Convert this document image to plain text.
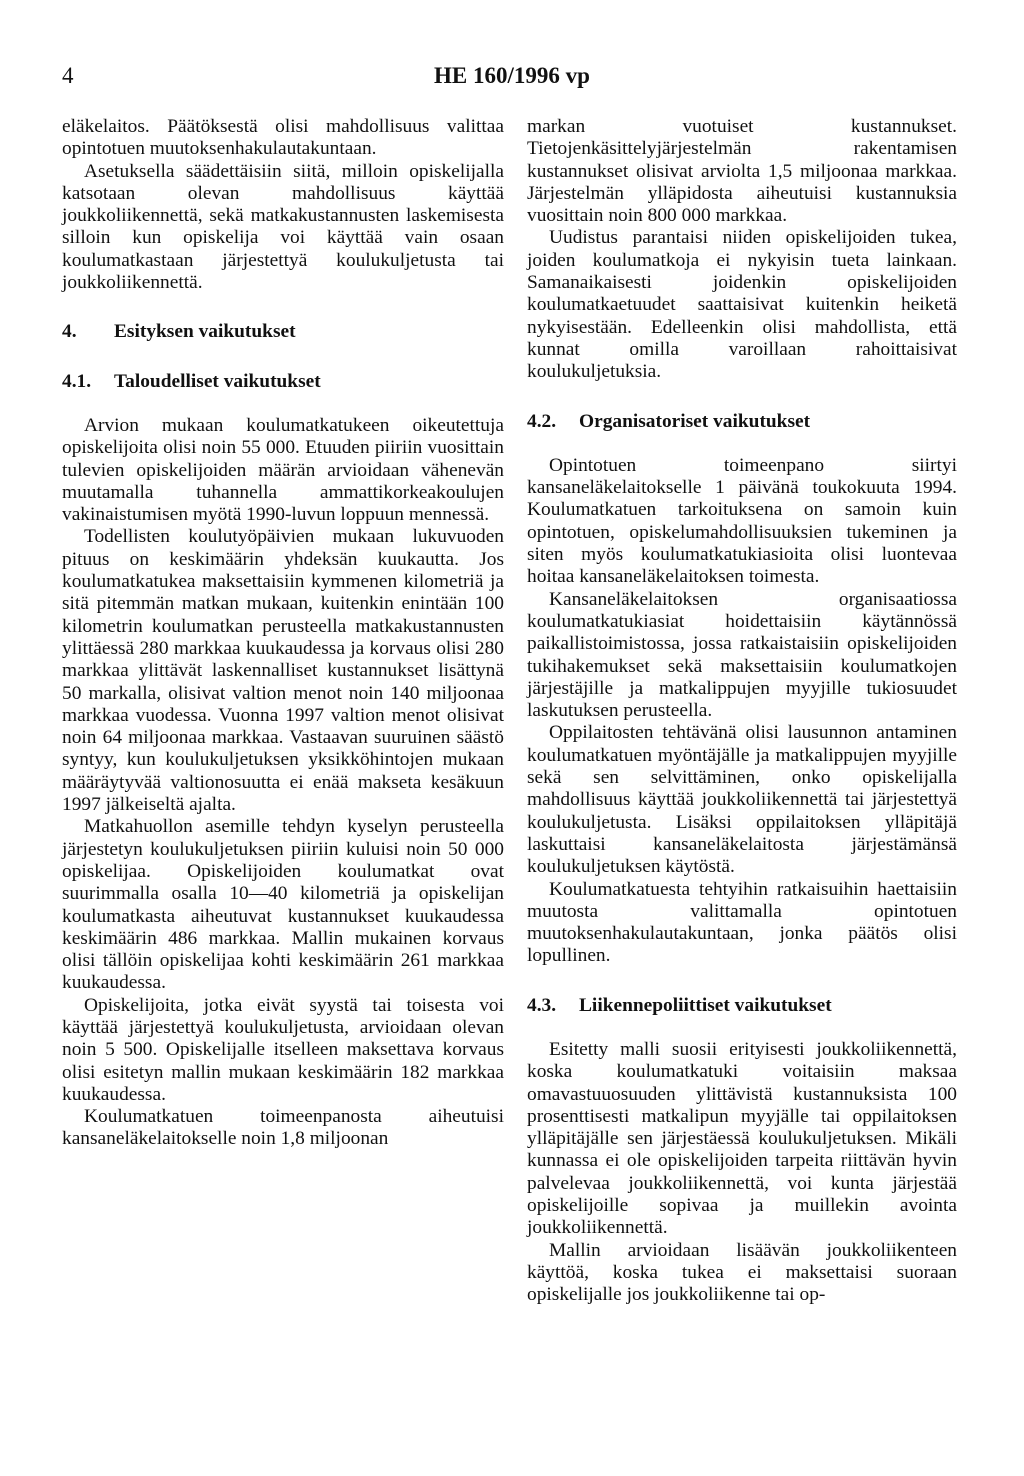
4	HE 160/1996 vp

eläkelaitos. Päätöksestä olisi mahdollisuus valittaa opintotuen muutoksenhakulautakuntaan.

Asetuksella säädettäisiin siitä, milloin opiskelijalla katsotaan olevan mahdollisuus käyttää joukkoliikennettä, sekä matkakustannusten laskemisesta silloin kun opiskelija voi käyttää vain osaan koulumatkastaan järjestettyä koulukuljetusta tai joukkoliikennettä.

4. Esityksen vaikutukset
4.1. Taloudelliset vaikutukset

Arvion mukaan koulumatkatukeen oikeutettuja opiskelijoita olisi noin 55 000. Etuuden piiriin vuosittain tulevien opiskelijoiden määrän arvioidaan vähenevän muutamalla tuhannella ammattikorkeakoulujen vakinaistumisen myötä 1990-luvun loppuun mennessä.

Todellisten koulutyöpäivien mukaan lukuvuoden pituus on keskimäärin yhdeksän kuukautta. Jos koulumatkatukea maksettaisiin kymmenen kilometriä ja sitä pitemmän matkan mukaan, kuitenkin enintään 100 kilometrin koulumatkan perusteella matkakustannusten ylittäessä 280 markkaa kuukaudessa ja korvaus olisi 280 markkaa ylittävät laskennalliset kustannukset lisättynä 50 markalla, olisivat valtion menot noin 140 miljoonaa markkaa vuodessa. Vuonna 1997 valtion menot olisivat noin 64 miljoonaa markkaa. Vastaavan suuruinen säästö syntyy, kun koulukuljetuksen yksikköhintojen mukaan määräytyvää valtionosuutta ei enää makseta kesäkuun 1997 jälkeiseltä ajalta.

Matkahuollon asemille tehdyn kyselyn perusteella järjestetyn koulukuljetuksen piiriin kuluisi noin 50 000 opiskelijaa. Opiskelijoiden koulumatkat ovat suurimmalla osalla 10—40 kilometriä ja opiskelijan koulumatkasta aiheutuvat kustannukset kuukaudessa keskimäärin 486 markkaa. Mallin mukainen korvaus olisi tällöin opiskelijaa kohti keskimäärin 261 markkaa kuukaudessa.

Opiskelijoita, jotka eivät syystä tai toisesta voi käyttää järjestettyä koulukuljetusta, arvioidaan olevan noin 5 500. Opiskelijalle itselleen maksettava korvaus olisi esitetyn mallin mukaan keskimäärin 182 markkaa kuukaudessa.

Koulumatkatuen toimeenpanosta aiheutuisi kansaneläkelaitokselle noin 1,8 miljoonan

markan vuotuiset kustannukset. Tietojenkäsittelyjärjestelmän rakentamisen kustannukset olisivat arviolta 1,5 miljoonaa markkaa. Järjestelmän ylläpidosta aiheutuisi kustannuksia vuosittain noin 800 000 markkaa.

Uudistus parantaisi niiden opiskelijoiden tukea, joiden koulumatkoja ei nykyisin tueta lainkaan. Samanaikaisesti joidenkin opiskelijoiden koulumatkaetuudet saattaisivat kuitenkin heiketä nykyisestään. Edelleenkin olisi mahdollista, että kunnat omilla varoillaan rahoittaisivat koulukuljetuksia.

4.2. Organisatoriset vaikutukset

Opintotuen toimeenpano siirtyi kansaneläkelaitokselle 1 päivänä toukokuuta 1994. Koulumatkatuen tarkoituksena on samoin kuin opintotuen, opiskelumahdollisuuksien tukeminen ja siten myös koulumatkatukiasioita olisi luontevaa hoitaa kansaneläkelaitoksen toimesta.

Kansaneläkelaitoksen organisaatiossa koulumatkatukiasiat hoidettaisiin käytännössä paikallistoimistossa, jossa ratkaistaisiin opiskelijoiden tukihakemukset sekä maksettaisiin koulumatkojen järjestäjille ja matkalippujen myyjille tukiosuudet laskutuksen perusteella.

Oppilaitosten tehtävänä olisi lausunnon antaminen koulumatkatuen myöntäjälle ja matkalippujen myyjille sekä sen selvittäminen, onko opiskelijalla mahdollisuus käyttää joukkoliikennettä tai järjestettyä koulukuljetusta. Lisäksi oppilaitoksen ylläpitäjä laskuttaisi kansaneläkelaitosta järjestämänsä koulukuljetuksen käytöstä.

Koulumatkatuesta tehtyihin ratkaisuihin haettaisiin muutosta valittamalla opintotuen muutoksenhakulautakuntaan, jonka päätös olisi lopullinen.

4.3. Liikennepoliittiset vaikutukset

Esitetty malli suosii erityisesti joukkoliikennettä, koska koulumatkatuki voitaisiin maksaa omavastuuosuuden ylittävistä kustannuksista 100 prosenttisesti matkalipun myyjälle tai oppilaitoksen ylläpitäjälle sen järjestäessä koulukuljetuksen. Mikäli kunnassa ei ole opiskelijoiden tarpeita riittävän hyvin palvelevaa joukkoliikennettä, voi kunta järjestää opiskelijoille sopivaa ja muillekin avointa joukkoliikennettä.

Mallin arvioidaan lisäävän joukkoliikenteen käyttöä, koska tukea ei maksettaisi suoraan opiskelijalle jos joukkoliikenne tai op-
